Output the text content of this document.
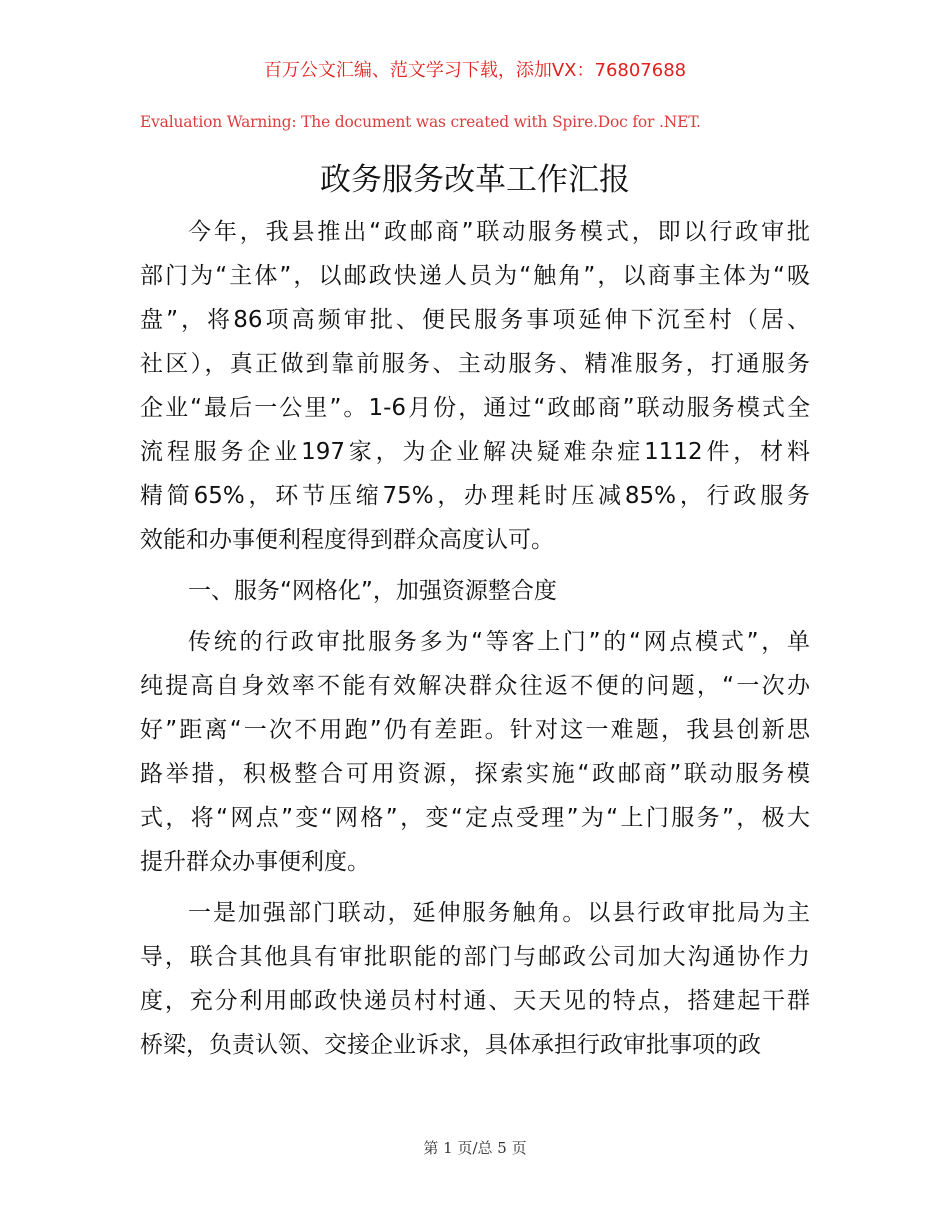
百万公文汇编、范文学习下载，添加VX：76807688
Evaluation Warning: The document was created with Spire.Doc for .NET.
政务服务改革工作汇报
今年，我县推出“政邮商”联动服务模式，即以行政审批
部门为“主体”，以邮政快递人员为“触角”，以商事主体为“吸
盘”，将86项高频审批、便民服务事项延伸下沉至村（居、
社区），真正做到靠前服务、主动服务、精准服务，打通服务
企业“最后一公里”。1-6月份，通过“政邮商”联动服务模式全
流程服务企业197家，为企业解决疑难杂症1112件，材料
精简65%，环节压缩75%，办理耗时压减85%，行政服务
效能和办事便利程度得到群众高度认可。
一、服务“网格化”，加强资源整合度
传统的行政审批服务多为“等客上门”的“网点模式”，单
纯提高自身效率不能有效解决群众往返不便的问题，“一次办
好”距离“一次不用跑”仍有差距。针对这一难题，我县创新思
路举措，积极整合可用资源，探索实施“政邮商”联动服务模
式，将“网点”变“网格”，变“定点受理”为“上门服务”，极大
提升群众办事便利度。
一是加强部门联动，延伸服务触角。以县行政审批局为主
导，联合其他具有审批职能的部门与邮政公司加大沟通协作力
度，充分利用邮政快递员村村通、天天见的特点，搭建起干群
桥梁，负责认领、交接企业诉求，具体承担行政审批事项的政
第 1 页/总 5 页
